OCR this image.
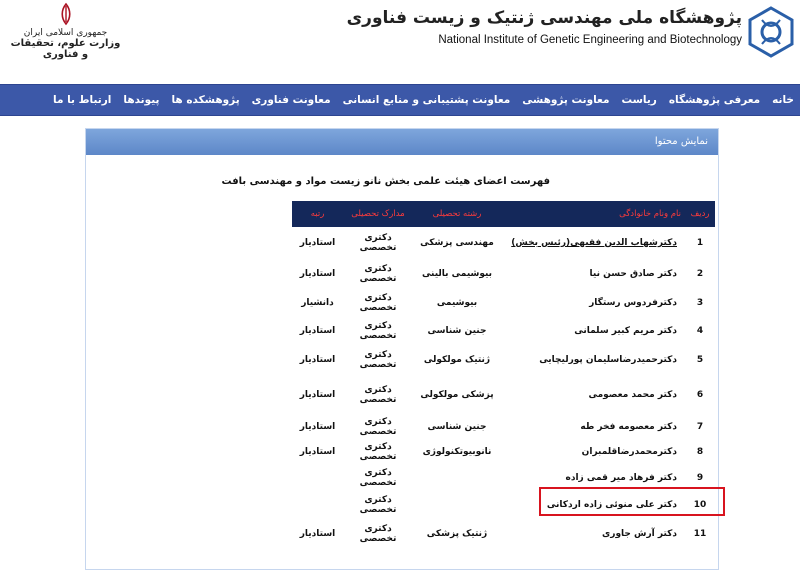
پژوهشگاه ملی مهندسی ژنتیک و زیست فناوری
National Institute of Genetic Engineering and Biotechnology
جمهوری اسلامی ایران
وزارت علوم، تحقیقات و فناوری
خانه
معرفی پژوهشگاه
ریاست
معاونت پژوهشی
معاونت پشتیبانی و منابع انسانی
معاونت فناوری
پژوهشکده ها
پیوندها
ارتباط با ما
نمایش محتوا
فهرست اعضای هیئت علمی بخش نانو زیست مواد و مهندسی بافت
ردیف	نام ونام خانوادگی	رشته تحصیلی	مدارک تحصیلی	رتبه
1	دکترشهاب الدین فقیهی(رئیس بخش)	مهندسی پزشکی	دکتری تخصصی	استادیار
2	دکتر صادق حسن نیا	بیوشیمی بالینی	دکتری تخصصی	استادیار
3	دکترفردوس رستگار	بیوشیمی	دکتری تخصصی	دانشیار
4	دکتر مریم کبیر سلمانی	جنین شناسی	دکتری تخصصی	استادیار
5	دکترحمیدرضاسلیمان پورلیچایی	ژنتیک مولکولی	دکتری تخصصی	استادیار
6	دکتر محمد معصومی	پزشکی مولکولی	دکتری تخصصی	استادیار
7	دکتر معصومه فخر طه	جنین شناسی	دکتری تخصصی	استادیار
8	دکترمحمدرضاقلمبران	نانوبیوتکنولوژی	دکتری تخصصی	استادیار
9	دکتر فرهاد میر قمی زاده		دکتری تخصصی	
10	دکتر علی منوئی زاده اردکانی		دکتری تخصصی	
11	دکتر آرش جاوری	ژنتیک پزشکی	دکتری تخصصی	استادیار
